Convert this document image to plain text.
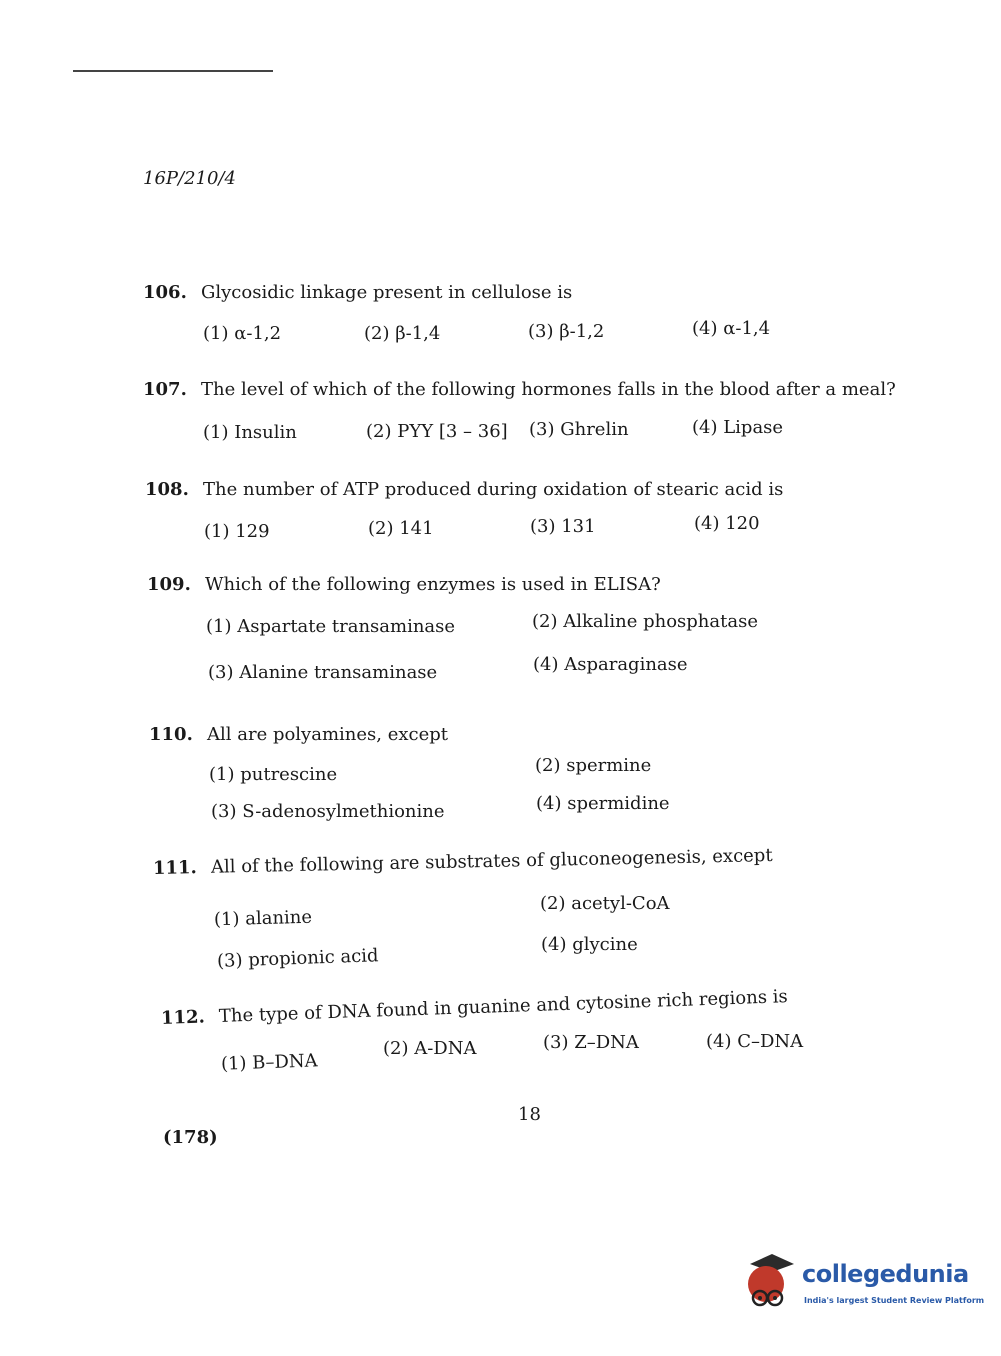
16P/210/4
106. Glycosidic linkage present in cellulose is
(1) α-1,2	(2) β-1,4	(3) β-1,2	(4) α-1,4
107. The level of which of the following hormones falls in the blood after a meal?
(1) Insulin	(2) PYY [3 – 36] (3) Ghrelin	(4) Lipase
108. The number of ATP produced during oxidation of stearic acid is
(1) 129	(2) 141	(3) 131	(4) 120
109. Which of the following enzymes is used in ELISA?
(1) Aspartate transaminase	(2) Alkaline phosphatase
(3) Alanine transaminase	(4) Asparaginase
110. All are polyamines, except
(1) putrescine	(2) spermine
(3) S-adenosylmethionine	(4) spermidine
111. All of the following are substrates of gluconeogenesis, except
(1) alanine
(2) acetyl-CoA
(3) propionic acid
(4) glycine
112. The type of DNA found in guanine and cytosine rich regions is
(1) B–DNA
(2) A-DNA	(3) Z–DNA	(4) C–DNA
18
(178)
collegedunia
India's largest Student Review Platform
